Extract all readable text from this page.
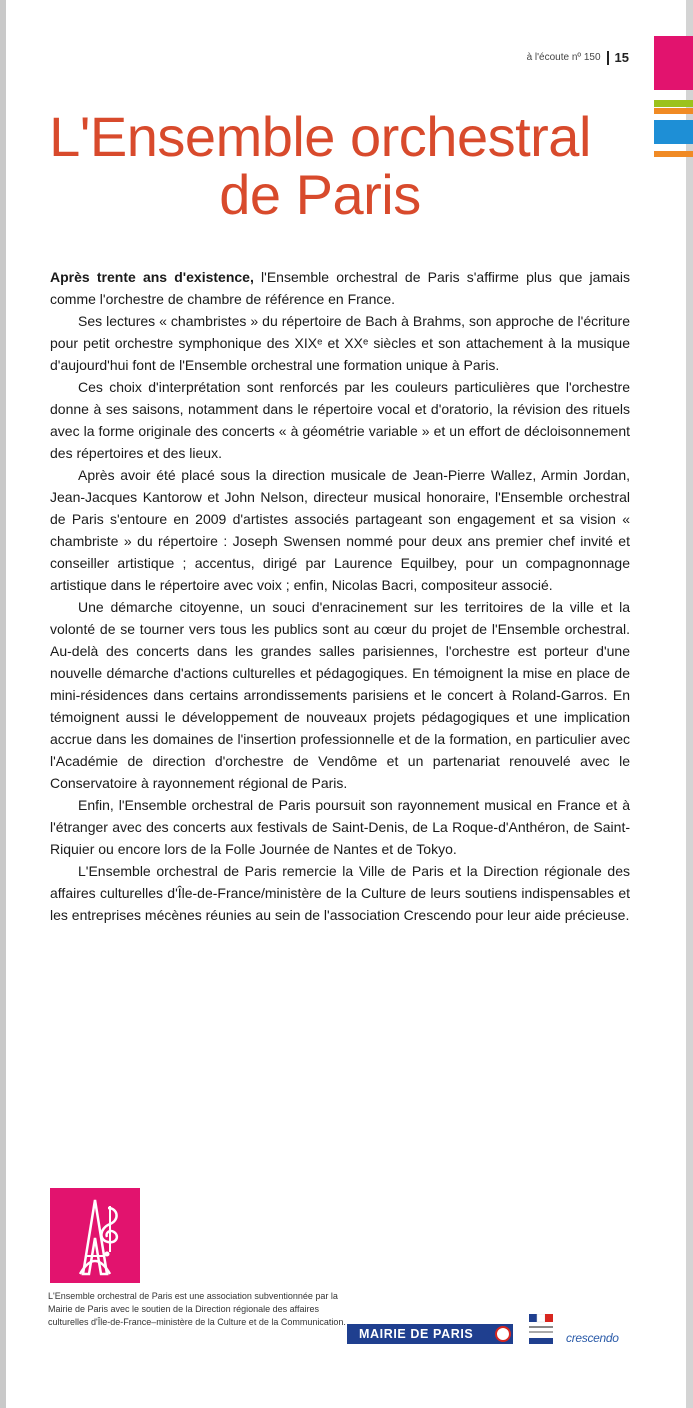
à l'écoute nº 150 15
L'Ensemble orchestral
de Paris

Après trente ans d'existence, l'Ensemble orchestral de Paris s'affirme plus que jamais comme l'orchestre de chambre de référence en France.

Ses lectures « chambristes » du répertoire de Bach à Brahms, son approche de l'écriture pour petit orchestre symphonique des XIXᵉ et XXᵉ siècles et son attachement à la musique d'aujourd'hui font de l'Ensemble orchestral une formation unique à Paris.

Ces choix d'interprétation sont renforcés par les couleurs particulières que l'orchestre donne à ses saisons, notamment dans le répertoire vocal et d'oratorio, la révision des rituels avec la forme originale des concerts « à géométrie variable » et un effort de décloisonnement des répertoires et des lieux.

Après avoir été placé sous la direction musicale de Jean-Pierre Wallez, Armin Jordan, Jean-Jacques Kantorow et John Nelson, directeur musical honoraire, l'Ensemble orchestral de Paris s'entoure en 2009 d'artistes associés partageant son engagement et sa vision « chambriste » du répertoire : Joseph Swensen nommé pour deux ans premier chef invité et conseiller artistique ; accentus, dirigé par Laurence Equilbey, pour un compagnonnage artistique dans le répertoire avec voix ; enfin, Nicolas Bacri, compositeur associé.

Une démarche citoyenne, un souci d'enracinement sur les territoires de la ville et la volonté de se tourner vers tous les publics sont au cœur du projet de l'Ensemble orchestral. Au-delà des concerts dans les grandes salles parisiennes, l'orchestre est porteur d'une nouvelle démarche d'actions culturelles et pédagogiques. En témoignent la mise en place de mini-résidences dans certains arrondissements parisiens et le concert à Roland-Garros. En témoignent aussi le développement de nouveaux projets pédagogiques et une implication accrue dans les domaines de l'insertion professionnelle et de la formation, en particulier avec l'Académie de direction d'orchestre de Vendôme et un partenariat renouvelé avec le Conservatoire à rayonnement régional de Paris.

Enfin, l'Ensemble orchestral de Paris poursuit son rayonnement musical en France et à l'étranger avec des concerts aux festivals de Saint-Denis, de La Roque-d'Anthéron, de Saint-Riquier ou encore lors de la Folle Journée de Nantes et de Tokyo.

L'Ensemble orchestral de Paris remercie la Ville de Paris et la Direction régionale des affaires culturelles d'Île-de-France/ministère de la Culture de leurs soutiens indispensables et les entreprises mécènes réunies au sein de l'association Crescendo pour leur aide précieuse.

L'Ensemble orchestral de Paris est une association subventionnée par la Mairie de Paris avec le soutien de la Direction régionale des affaires culturelles d'Île-de-France–ministère de la Culture et de la Communication.
MAIRIE DE PARIS	crescendo
